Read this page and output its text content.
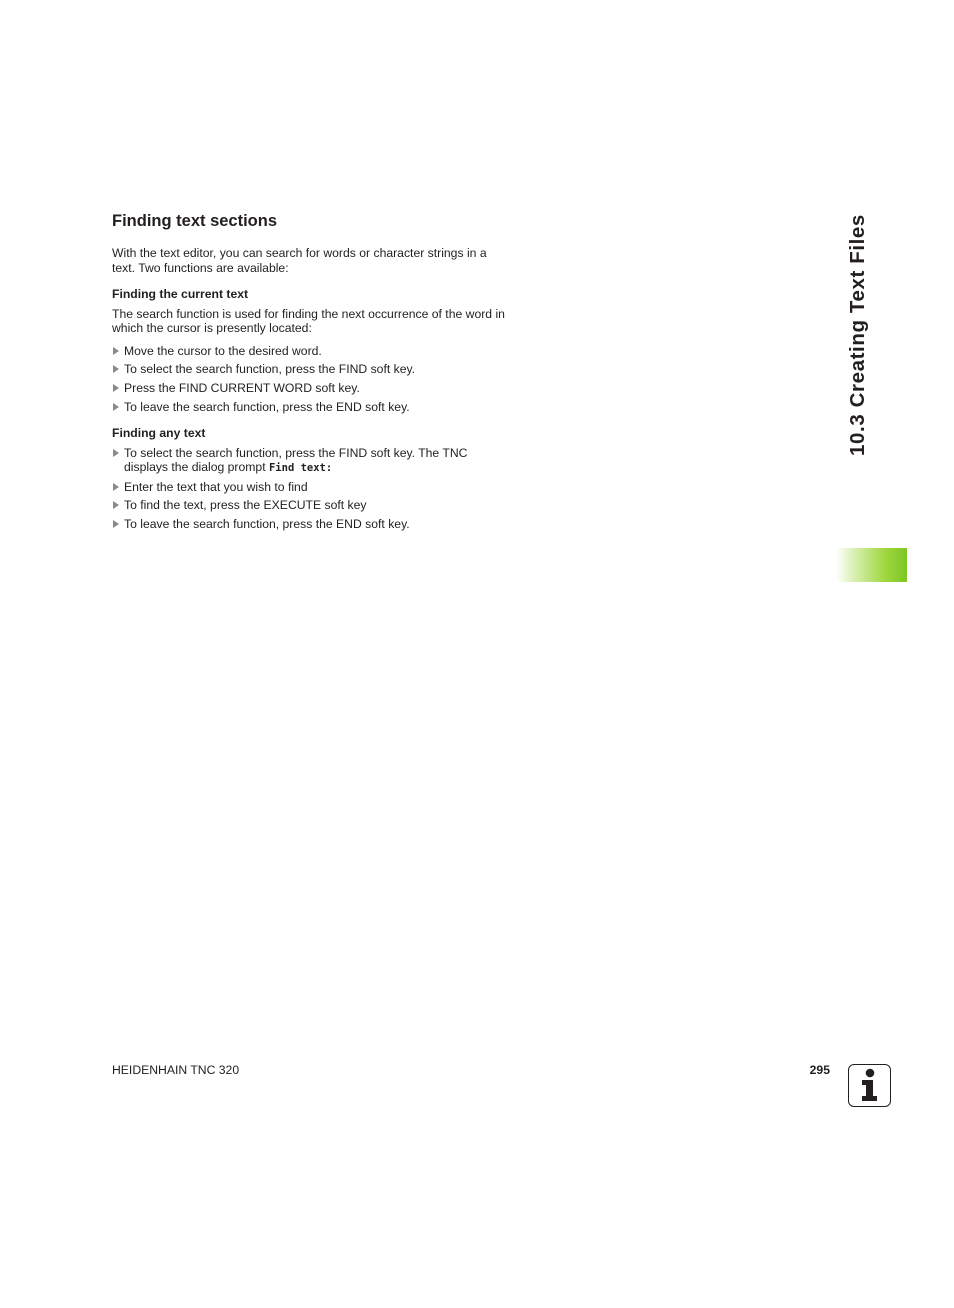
Finding text sections

With the text editor, you can search for words or character strings in a text. Two functions are available:

Finding the current text

The search function is used for finding the next occurrence of the word in which the cursor is presently located:

Move the cursor to the desired word.
To select the search function, press the FIND soft key.
Press the FIND CURRENT WORD soft key.
To leave the search function, press the END soft key.
Finding any text
To select the search function, press the FIND soft key. The TNC displays the dialog prompt Find text:
Enter the text that you wish to find
To find the text, press the EXECUTE soft key
To leave the search function, press the END soft key.
10.3 Creating Text Files
HEIDENHAIN TNC 320	295
